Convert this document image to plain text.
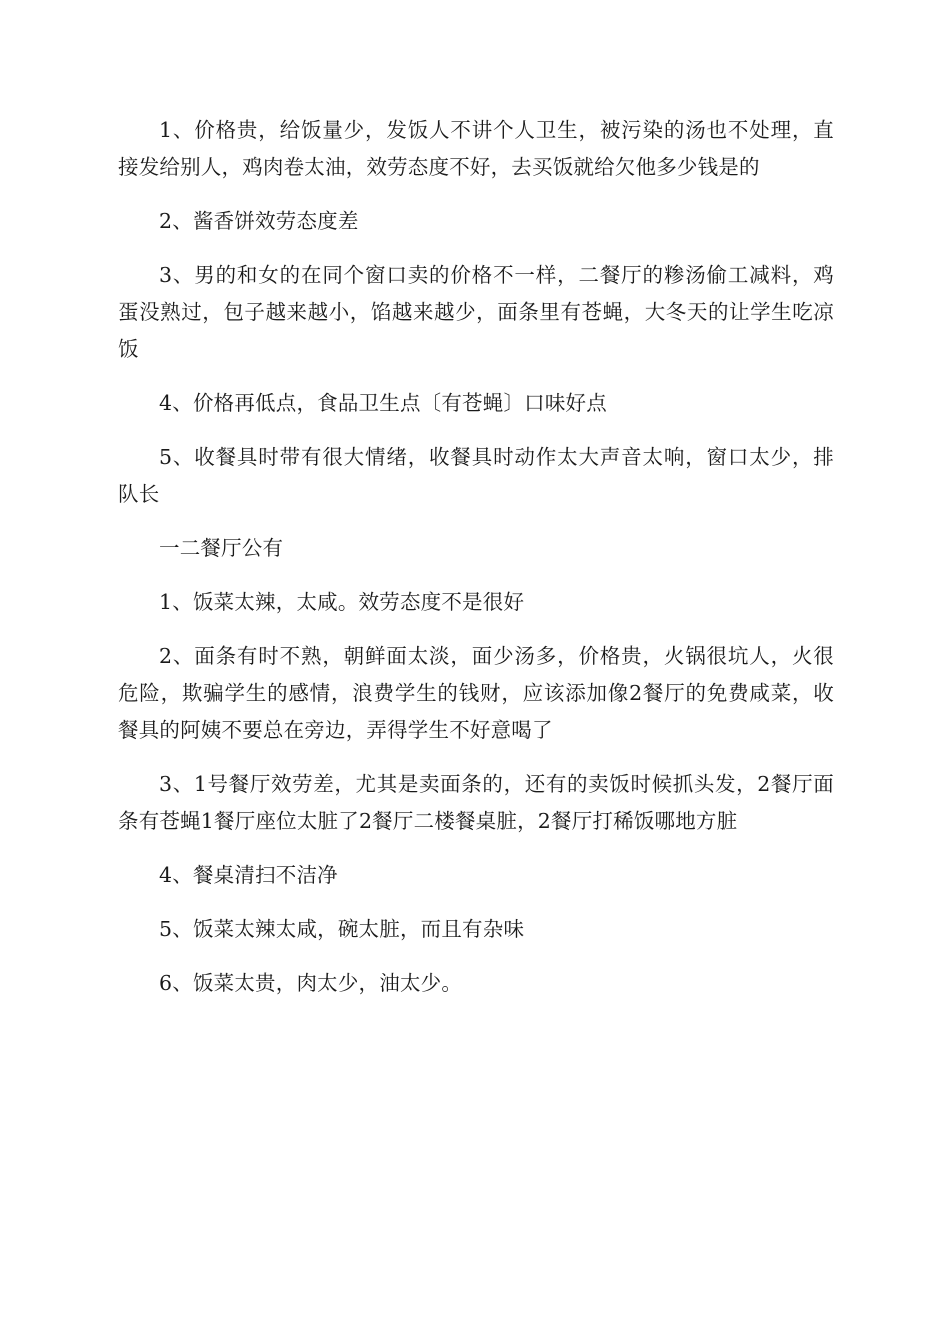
1、价格贵，给饭量少，发饭人不讲个人卫生，被污染的汤也不处理，直接发给别人，鸡肉卷太油，效劳态度不好，去买饭就给欠他多少钱是的

2、酱香饼效劳态度差

3、男的和女的在同个窗口卖的价格不一样，二餐厅的糁汤偷工减料，鸡蛋没熟过，包子越来越小，馅越来越少，面条里有苍蝇，大冬天的让学生吃凉饭

4、价格再低点，食品卫生点〔有苍蝇〕口味好点

5、收餐具时带有很大情绪，收餐具时动作太大声音太响，窗口太少，排队长

一二餐厅公有

1、饭菜太辣，太咸。效劳态度不是很好

2、面条有时不熟，朝鲜面太淡，面少汤多，价格贵，火锅很坑人，火很危险，欺骗学生的感情，浪费学生的钱财，应该添加像2餐厅的免费咸菜，收餐具的阿姨不要总在旁边，弄得学生不好意喝了

3、1号餐厅效劳差，尤其是卖面条的，还有的卖饭时候抓头发，2餐厅面条有苍蝇1餐厅座位太脏了2餐厅二楼餐桌脏，2餐厅打稀饭哪地方脏

4、餐桌清扫不洁净

5、饭菜太辣太咸，碗太脏，而且有杂味

6、饭菜太贵，肉太少，油太少。
